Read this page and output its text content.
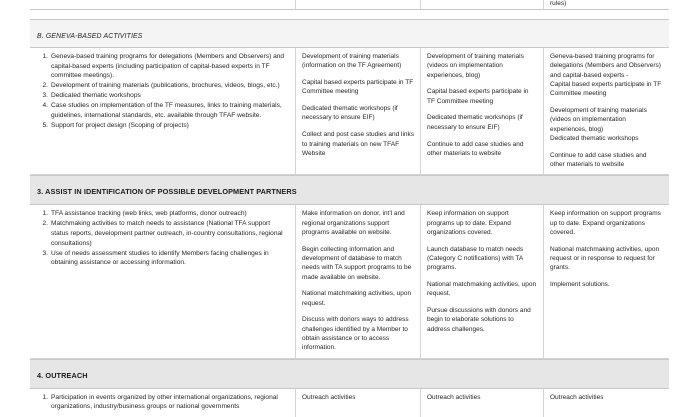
rules)
B. GENEVA-BASED ACTIVITIES
Geneva-based training programs for delegations (Members and Observers) and capital-based experts (including participation of capital-based experts in TF committee meetings).
Development of training materials (publications, brochures, videos, blogs, etc.)
Dedicated thematic workshops
Case studies on implementation of the TF measures, links to training materials, guidelines, international standards, etc. available through TFAF website.
Support for project design (Scoping of projects)

Development of training materials (information on the TF Agreement)

Capital based experts participate in TF Committee meeting

Dedicated thematic workshops (if necessary to ensure EIF)

Collect and post case studies and links to training materials on new TFAF Website

Development of training materials (videos on implementation experiences, blog)

Capital based experts participate in TF Committee meeting

Dedicated thematic workshops (if necessary to ensure EIF)

Continue to add case studies and other materials to website

Geneva-based training programs for delegations (Members and Observers) and capital-based experts -

Capital based experts participate in TF Committee meeting

Development of training materials (videos on implementation experiences, blog)

Dedicated thematic workshops

Continue to add case studies and other materials to website

3. ASSIST IN IDENTIFICATION OF POSSIBLE DEVELOPMENT PARTNERS
TFA assistance tracking (web links, web platforms, donor outreach)
Matchmaking activities to match needs to assistance (National TFA support status reports, development partner outreach, in-country consultations, regional consultations)
Use of needs assessment studies to identify Members facing challenges in obtaining assistance or accessing information.

Make information on donor, int'l and regional organizations support programs available on website.

Begin collecting information and development of database to match needs with TA support programs to be made available on website.

National matchmaking activities, upon request.

Discuss with donors ways to address challenges identified by a Member to obtain assistance or to access information.

Keep information on support programs up to date. Expand organizations covered.

Launch database to match needs (Category C notifications) with TA programs.

National matchmaking activities, upon request.

Pursue discussions with donors and begin to elaborate solutions to address challenges.

Keep information on support programs up to date. Expand organizations covered.

National matchmaking activities, upon request or in response to request for grants.

Implement solutions.

4. OUTREACH
Participation in events organized by other international organizations, regional organizations, industry/business groups or national governments

Outreach activities	Outreach activities	Outreach activities
